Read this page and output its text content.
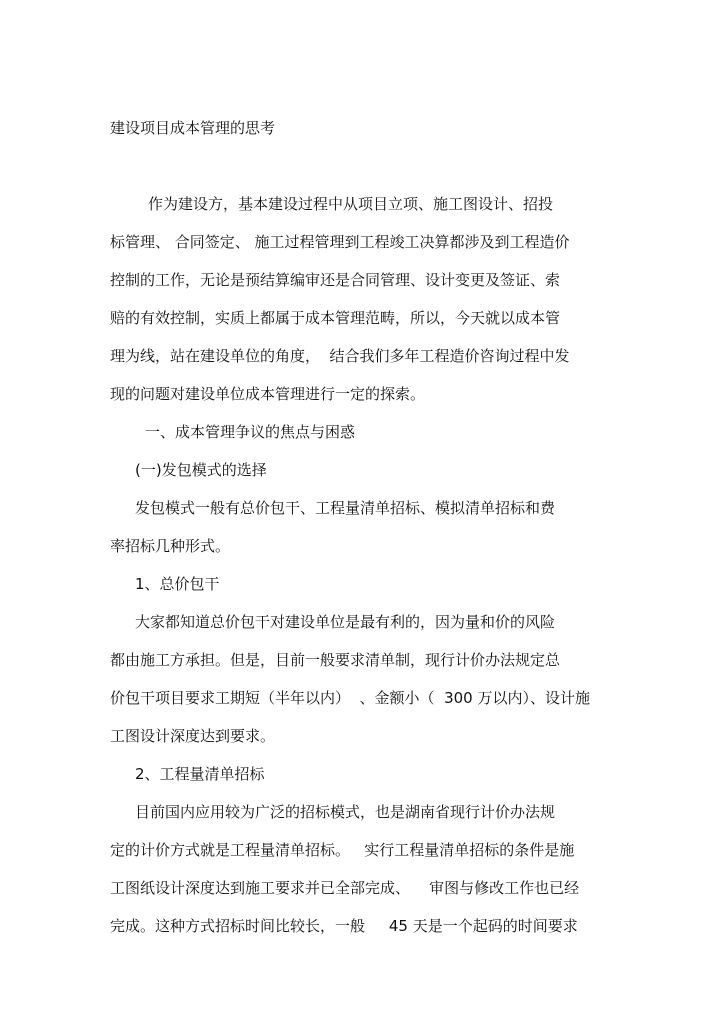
建设项目成本管理的思考
作为建设方，基本建设过程中从项目立项、施工图设计、招投
标管理、 合同签定、 施工过程管理到工程竣工决算都涉及到工程造价
控制的工作，无论是预结算编审还是合同管理、设计变更及签证、索
赔的有效控制，实质上都属于成本管理范畴，所以，今天就以成本管
理为线，站在建设单位的角度，  结合我们多年工程造价咨询过程中发
现的问题对建设单位成本管理进行一定的探索。
一、成本管理争议的焦点与困惑
(一)发包模式的选择
发包模式一般有总价包干、工程量清单招标、模拟清单招标和费
率招标几种形式。
1、总价包干
大家都知道总价包干对建设单位是最有利的，因为量和价的风险
都由施工方承担。但是，目前一般要求清单制，现行计价办法规定总
价包干项目要求工期短（半年以内）  、金额小（  300 万以内）、设计施
工图设计深度达到要求。
2、工程量清单招标
目前国内应用较为广泛的招标模式，也是湖南省现行计价办法规
定的计价方式就是工程量清单招标。   实行工程量清单招标的条件是施
工图纸设计深度达到施工要求并已全部完成、    审图与修改工作也已经
完成。这种方式招标时间比较长，一般     45 天是一个起码的时间要求
